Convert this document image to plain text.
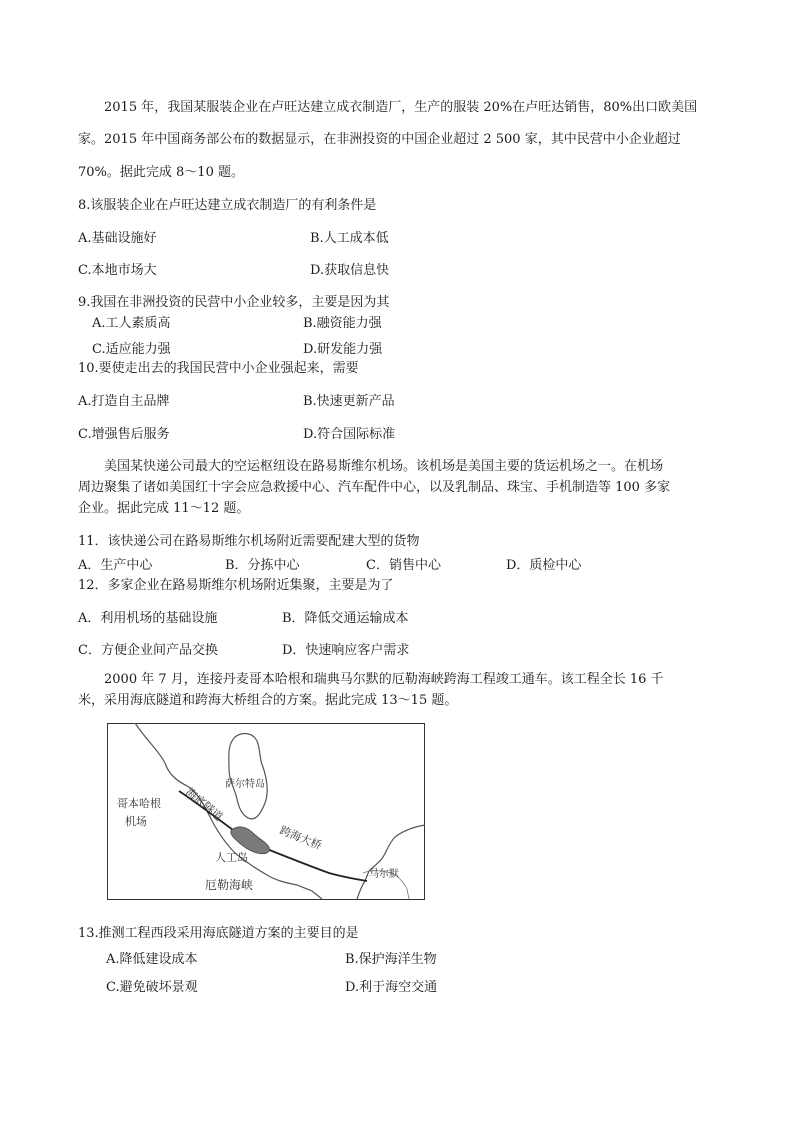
2015 年，我国某服装企业在卢旺达建立成衣制造厂，生产的服装 20%在卢旺达销售，80%出口欧美国
家。2015 年中国商务部公布的数据显示，在非洲投资的中国企业超过 2 500 家，其中民营中小企业超过
70%。据此完成 8～10 题。
8.该服装企业在卢旺达建立成衣制造厂的有利条件是
A.基础设施好	B.人工成本低
C.本地市场大	D.获取信息快
9.我国在非洲投资的民营中小企业较多，主要是因为其
A.工人素质高	B.融资能力强
C.适应能力强	D.研发能力强
10.要使走出去的我国民营中小企业强起来，需要
A.打造自主品牌	B.快速更新产品
C.增强售后服务	D.符合国际标准
美国某快递公司最大的空运枢纽设在路易斯维尔机场。该机场是美国主要的货运机场之一。在机场
周边聚集了诸如美国红十字会应急救援中心、汽车配件中心，以及乳制品、珠宝、手机制造等 100 多家
企业。据此完成 11～12 题。
11．该快递公司在路易斯维尔机场附近需要配建大型的货物
A．生产中心	B．分拣中心	C．销售中心	D．质检中心
12．多家企业在路易斯维尔机场附近集聚，主要是为了
A．利用机场的基础设施	B．降低交通运输成本
C．方便企业间产品交换	D．快速响应客户需求
2000 年 7 月，连接丹麦哥本哈根和瑞典马尔默的厄勒海峡跨海工程竣工通车。该工程全长 16 千
米，采用海底隧道和跨海大桥组合的方案。据此完成 13～15 题。
萨尔特岛
哥本哈根
机场	海底隧道
跨海大桥
人工岛
厄勒海峡
马尔默
13.推测工程西段采用海底隧道方案的主要目的是
A.降低建设成本	B.保护海洋生物
C.避免破坏景观	D.利于海空交通
